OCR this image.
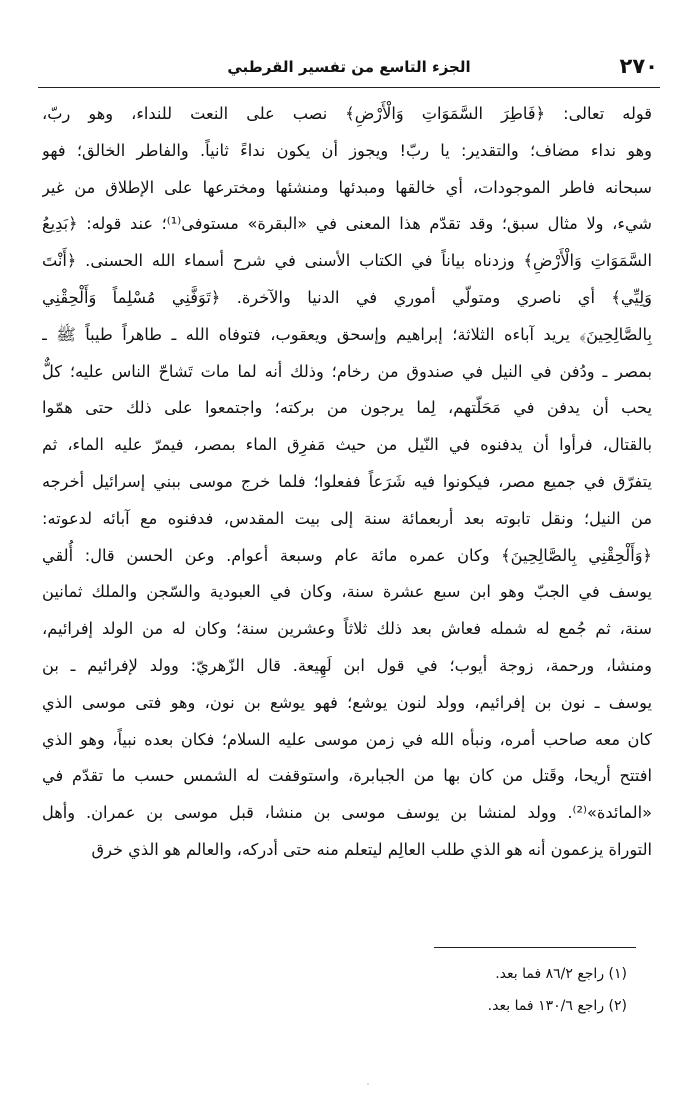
٢٧٠
الجزء التاسع من تفسير القرطبي
قوله تعالى: ﴿فَاطِرَ السَّمَوَاتِ وَالْأَرْضِ﴾ نصب على النعت للنداء، وهو ربّ،
وهو نداء مضاف؛ والتقدير: يا ربّ! ويجوز أن يكون نداءً ثانياً. والفاطر الخالق؛ فهو
سبحانه فاطر الموجودات، أي خالقها ومبدئها ومنشئها ومخترعها على الإطلاق من غير
شيء، ولا مثال سبق؛ وقد تقدّم هذا المعنى في «البقرة» مستوفى⁽¹⁾؛ عند قوله: ﴿بَدِيعُ
السَّمَوَاتِ وَالْأَرْضِ﴾ وزدناه بياناً في الكتاب الأسنى في شرح أسماء الله الحسنى. ﴿أَنْتَ
وَلِيِّي﴾ أي ناصري ومتولّي أموري في الدنيا والآخرة. ﴿تَوَفَّنِي مُسْلِماً وَأَلْحِقْنِي
بِالصَّالِحِينَ﴾ يريد آباءه الثلاثة؛ إبراهيم وإسحق ويعقوب، فتوفاه الله ـ طاهراً طيباً ﷺ ـ
بمصر ـ ودُفن في النيل في صندوق من رخام؛ وذلك أنه لما مات تَشاحّ الناس عليه؛ كلٌّ
يحب أن يدفن في مَحَلّتهم، لِما يرجون من بركته؛ واجتمعوا على ذلك حتى همّوا
بالقتال، فرأوا أن يدفنوه في النّيل من حيث مَفرِق الماء بمصر، فيمرّ عليه الماء، ثم
يتفرّق في جميع مصر، فيكونوا فيه شَرَعاً ففعلوا؛ فلما خرج موسى ببني إسرائيل أخرجه
من النيل؛ ونقل تابوته بعد أربعمائة سنة إلى بيت المقدس، فدفنوه مع آبائه لدعوته:
﴿وَأَلْحِقْنِي بِالصَّالِحِينَ﴾ وكان عمره مائة عام وسبعة أعوام. وعن الحسن قال: أُلقي
يوسف في الجبّ وهو ابن سبع عشرة سنة، وكان في العبودية والسّجن والملك ثمانين
سنة، ثم جُمع له شمله فعاش بعد ذلك ثلاثاً وعشرين سنة؛ وكان له من الولد إفرائيم،
ومنشا، ورحمة، زوجة أيوب؛ في قول ابن لَهِيعة. قال الزّهريّ: وولد لإفرائيم ـ بن
يوسف ـ نون بن إفرائيم، وولد لنون يوشع؛ فهو يوشع بن نون، وهو فتى موسى الذي
كان معه صاحب أمره، ونبأه الله في زمن موسى عليه السلام؛ فكان بعده نبياً، وهو الذي
افتتح أريحا، وقَتل من كان بها من الجبابرة، واستوقفت له الشمس حسب ما تقدّم في
«المائدة»⁽²⁾. وولد لمنشا بن يوسف موسى بن منشا، قبل موسى بن عمران. وأهل
التوراة يزعمون أنه هو الذي طلب العالِم ليتعلم منه حتى أدركه، والعالم هو الذي خرق
(١) راجع ٨٦/٢ فما بعد.
(٢) راجع ١٣٠/٦ فما بعد.
·
